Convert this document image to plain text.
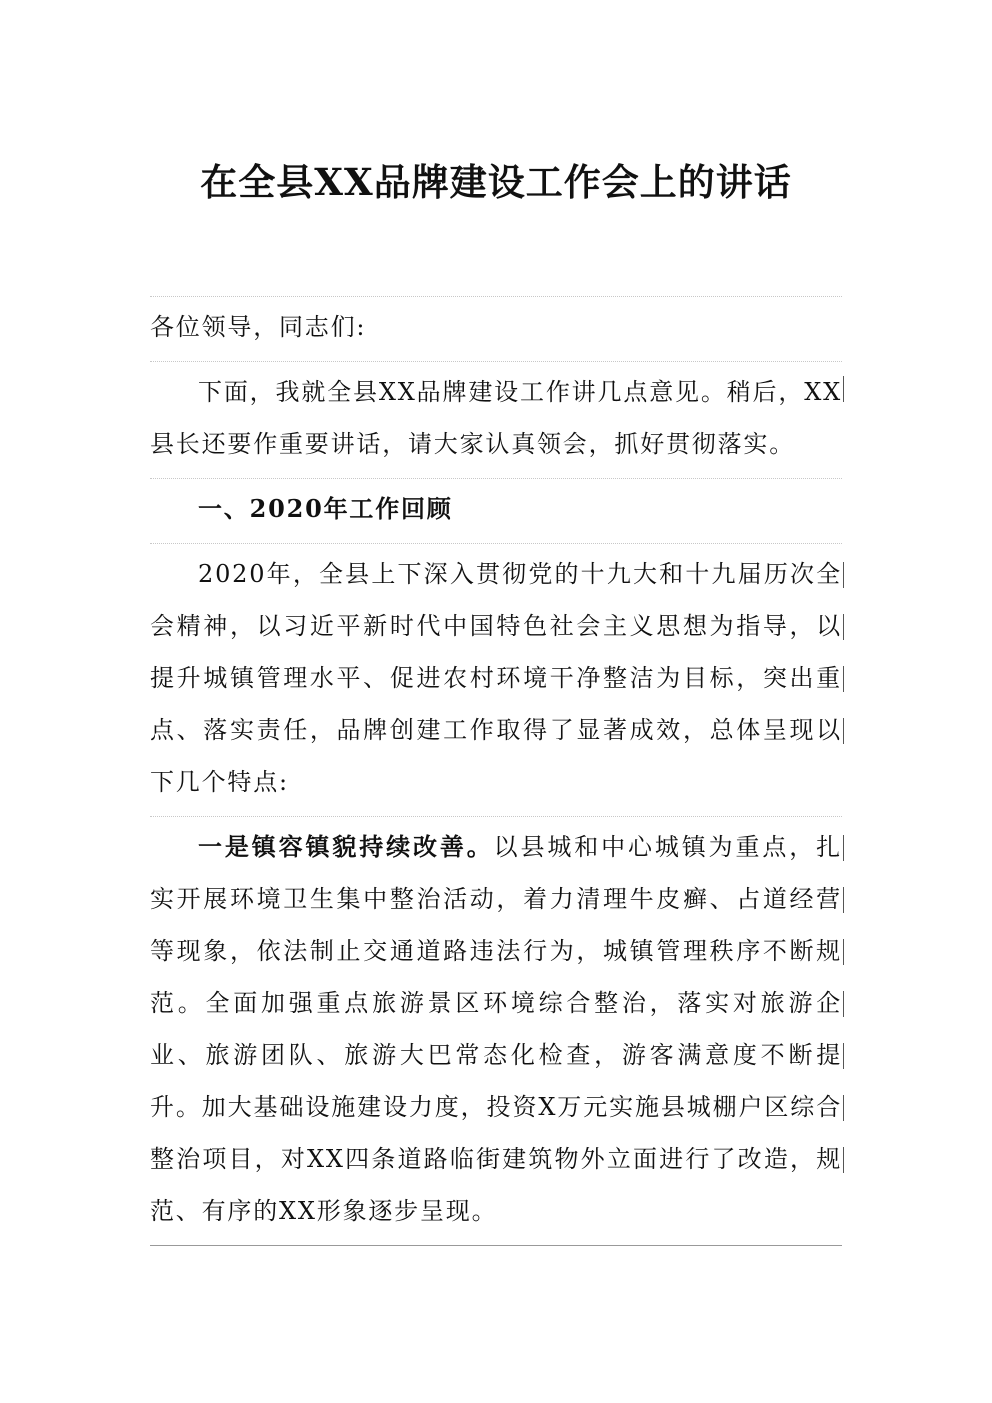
在全县XX品牌建设工作会上的讲话

各位领导，同志们:

下面，我就全县XX品牌建设工作讲几点意见。稍后，XX县长还要作重要讲话，请大家认真领会，抓好贯彻落实。

一、2020年工作回顾

2020年，全县上下深入贯彻党的十九大和十九届历次全会精神，以习近平新时代中国特色社会主义思想为指导，以提升城镇管理水平、促进农村环境干净整洁为目标，突出重点、落实责任，品牌创建工作取得了显著成效，总体呈现以下几个特点:

一是镇容镇貌持续改善。以县城和中心城镇为重点，扎实开展环境卫生集中整治活动，着力清理牛皮癣、占道经营等现象，依法制止交通道路违法行为，城镇管理秩序不断规范。全面加强重点旅游景区环境综合整治，落实对旅游企业、旅游团队、旅游大巴常态化检查，游客满意度不断提升。加大基础设施建设力度，投资X万元实施县城棚户区综合整治项目，对XX四条道路临街建筑物外立面进行了改造，规范、有序的XX形象逐步呈现。
